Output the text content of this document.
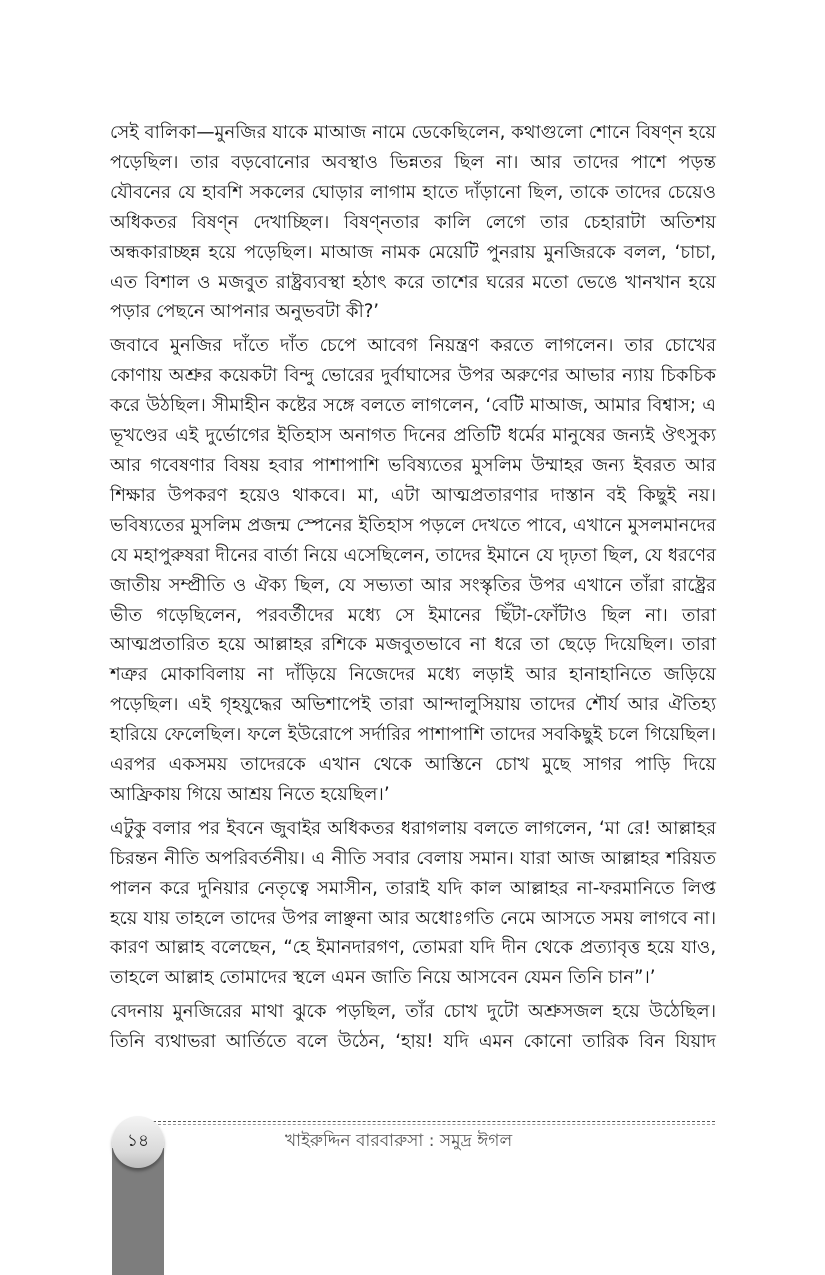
সেই বালিকা—মুনজির যাকে মাআজ নামে ডেকেছিলেন, কথাগুলো শোনে বিষণ্ন হয়ে পড়েছিল। তার বড়বোনোর অবস্থাও ভিন্নতর ছিল না। আর তাদের পাশে পড়ন্ত যৌবনের যে হাবশি সকলের ঘোড়ার লাগাম হাতে দাঁড়ানো ছিল, তাকে তাদের চেয়েও অধিকতর বিষণ্ন দেখাচ্ছিল। বিষণ্নতার কালি লেগে তার চেহারাটা অতিশয় অন্ধকারাচ্ছন্ন হয়ে পড়েছিল। মাআজ নামক মেয়েটি পুনরায় মুনজিরকে বলল, ‘চাচা, এত বিশাল ও মজবুত রাষ্ট্রব্যবস্থা হঠাৎ করে তাশের ঘরের মতো ভেঙে খানখান হয়ে পড়ার পেছনে আপনার অনুভবটা কী?’

জবাবে মুনজির দাঁতে দাঁত চেপে আবেগ নিয়ন্ত্রণ করতে লাগলেন। তার চোখের কোণায় অশ্রুর কয়েকটা বিন্দু ভোরের দুর্বাঘাসের উপর অরুণের আভার ন্যায় চিকচিক করে উঠছিল। সীমাহীন কষ্টের সঙ্গে বলতে লাগলেন, ‘বেটি মাআজ, আমার বিশ্বাস; এ ভূখণ্ডের এই দুর্ভোগের ইতিহাস অনাগত দিনের প্রতিটি ধর্মের মানুষের জন্যই ঔৎসুক্য আর গবেষণার বিষয় হবার পাশাপাশি ভবিষ্যতের মুসলিম উম্মাহর জন্য ইবরত আর শিক্ষার উপকরণ হয়েও থাকবে। মা, এটা আত্মপ্রতারণার দাস্তান বই কিছুই নয়। ভবিষ্যতের মুসলিম প্রজন্ম স্পেনের ইতিহাস পড়লে দেখতে পাবে, এখানে মুসলমানদের যে মহাপুরুষরা দীনের বার্তা নিয়ে এসেছিলেন, তাদের ইমানে যে দৃঢ়তা ছিল, যে ধরণের জাতীয় সম্প্রীতি ও ঐক্য ছিল, যে সভ্যতা আর সংস্কৃতির উপর এখানে তাঁরা রাষ্ট্রের ভীত গড়েছিলেন, পরবর্তীদের মধ্যে সে ইমানের ছিঁটা-ফোঁটাও ছিল না। তারা আত্মপ্রতারিত হয়ে আল্লাহর রশিকে মজবুতভাবে না ধরে তা ছেড়ে দিয়েছিল। তারা শত্রুর মোকাবিলায় না দাঁড়িয়ে নিজেদের মধ্যে লড়াই আর হানাহানিতে জড়িয়ে পড়েছিল। এই গৃহযুদ্ধের অভিশাপেই তারা আন্দালুসিয়ায় তাদের শৌর্য আর ঐতিহ্য হারিয়ে ফেলেছিল। ফলে ইউরোপে সর্দারির পাশাপাশি তাদের সবকিছুই চলে গিয়েছিল। এরপর একসময় তাদেরকে এখান থেকে আস্তিনে চোখ মুছে সাগর পাড়ি দিয়ে আফ্রিকায় গিয়ে আশ্রয় নিতে হয়েছিল।’

এটুকু বলার পর ইবনে জুবাইর অধিকতর ধরাগলায় বলতে লাগলেন, ‘মা রে! আল্লাহর চিরন্তন নীতি অপরিবর্তনীয়। এ নীতি সবার বেলায় সমান। যারা আজ আল্লাহর শরিয়ত পালন করে দুনিয়ার নেতৃত্বে সমাসীন, তারাই যদি কাল আল্লাহর না-ফরমানিতে লিপ্ত হয়ে যায় তাহলে তাদের উপর লাঞ্ছনা আর অধোঃগতি নেমে আসতে সময় লাগবে না। কারণ আল্লাহ বলেছেন, “হে ইমানদারগণ, তোমরা যদি দীন থেকে প্রত্যাবৃত্ত হয়ে যাও, তাহলে আল্লাহ তোমাদের স্থলে এমন জাতি নিয়ে আসবেন যেমন তিনি চান”।’

বেদনায় মুনজিরের মাথা ঝুকে পড়ছিল, তাঁর চোখ দুটো অশ্রুসজল হয়ে উঠেছিল। তিনি ব্যথাভরা আর্তিতে বলে উঠেন, ‘হায়! যদি এমন কোনো তারিক বিন যিয়াদ

১৪	খাইরুদ্দিন বারবারুসা : সমুদ্র ঈগল
